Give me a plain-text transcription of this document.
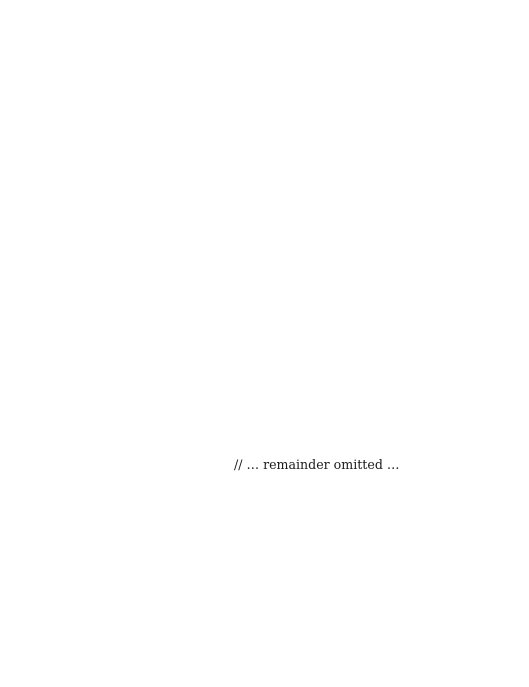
// … remainder omitted …
